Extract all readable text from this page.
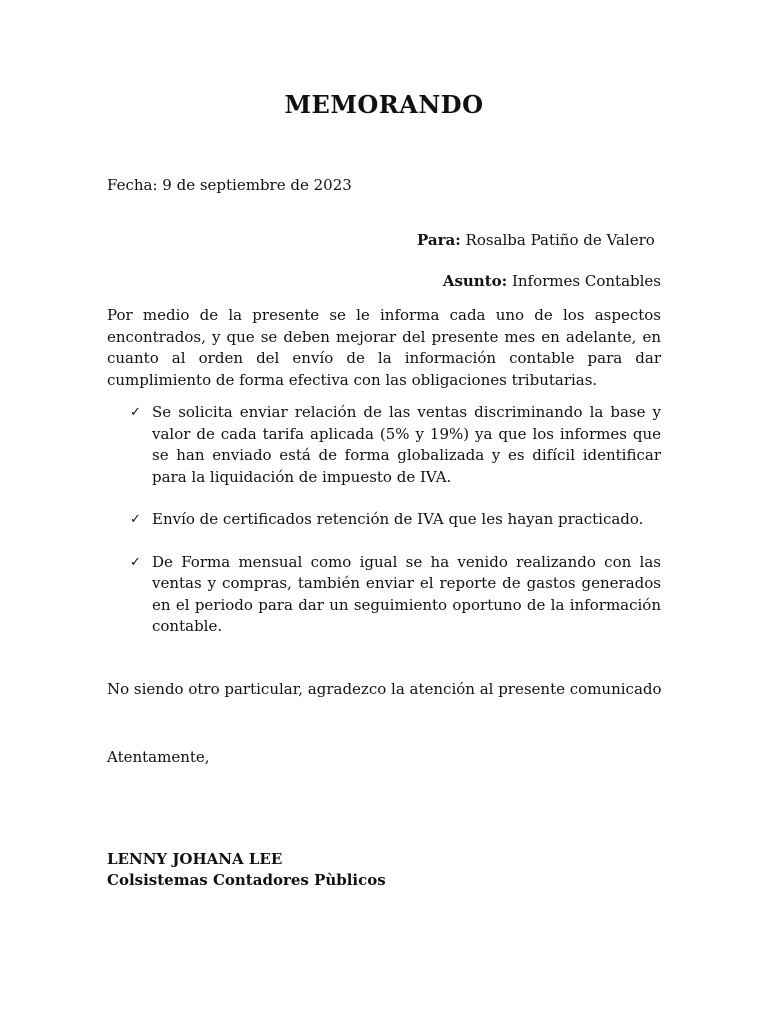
MEMORANDO
Fecha: 9 de septiembre de 2023
Para: Rosalba Patiño de Valero
Asunto: Informes Contables

Por medio de la presente se le informa cada uno de los aspectos encontrados, y que se deben mejorar del presente mes en adelante, en cuanto al orden del envío de la información contable para dar cumplimiento de forma efectiva con las obligaciones tributarias.

✓ Se solicita enviar relación de las ventas discriminando la base y valor de cada tarifa aplicada (5% y 19%) ya que los informes que se han enviado está de forma globalizada y es difícil identificar para la liquidación de impuesto de IVA.
✓ Envío de certificados retención de IVA que les hayan practicado.
✓ De Forma mensual como igual se ha venido realizando con las ventas y compras, también enviar el reporte de gastos generados en el periodo para dar un seguimiento oportuno de la información contable.
No siendo otro particular, agradezco la atención al presente comunicado
Atentamente,
LENNY JOHANA LEE
Colsistemas Contadores Pùblicos
